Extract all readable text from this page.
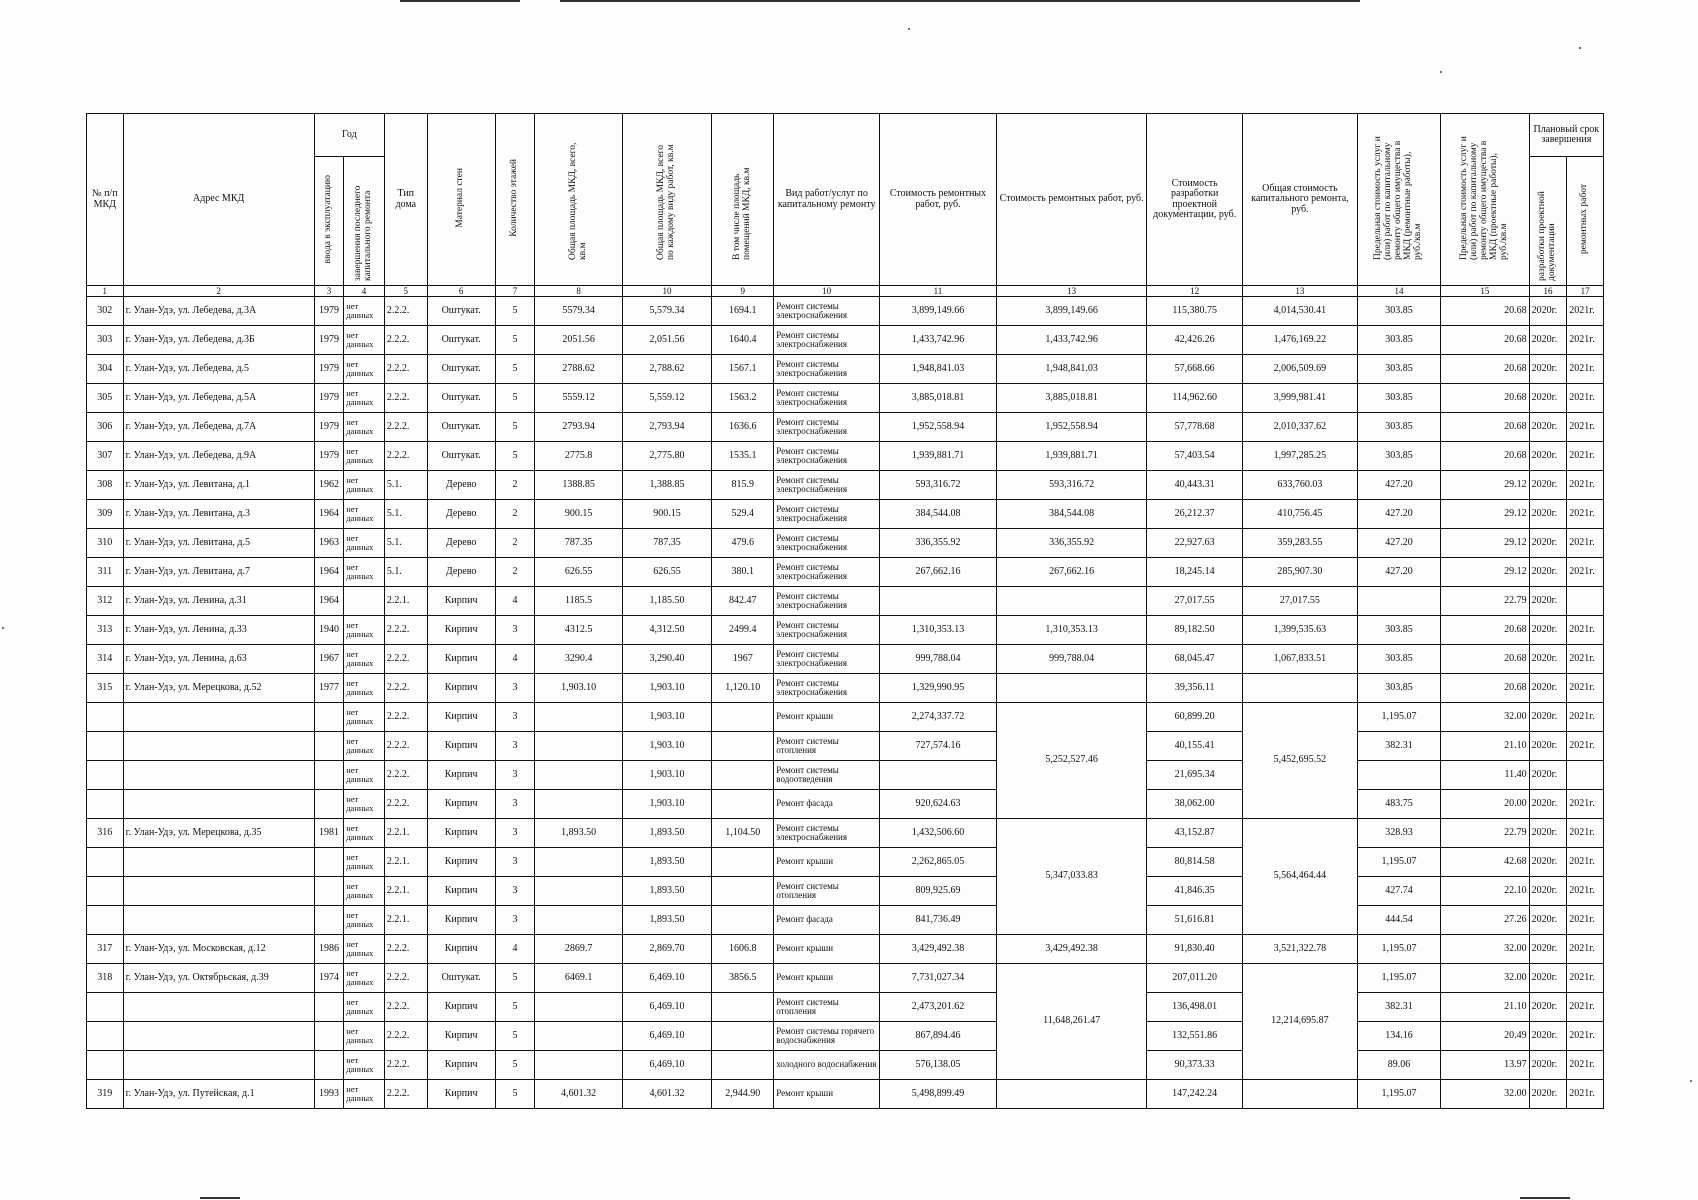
№ п/п МКД	Адрес МКД	Год		Тип дома	Материал стен	Количество этажей	Общая площадь МКД, всего, кв.м	Общая площадь МКД, всего по каждому виду работ, кв.м	В том числе площадь помещений МКД, кв.м	Вид работ/услуг по капитальному ремонту	Стоимость ремонтных работ, руб.	Стоимость ремонтных работ, руб.	Стоимость разработки проектной документации, руб.	Общая стоимость капитального ремонта, руб.	Предельная стоимость услуг и (или) работ по капитальному ремонту общего имущества в МКД (ремонтные работы), руб./кв.м	Предельная стоимость услуг и (или) работ по капитальному ремонту общего имущества в МКД (проектные работы), руб./кв.м	Плановый срок завершения	
		ввода в эксплуатацию	завершения последнего капитального ремонта														разработки проектной документации	ремонтных работ
1	2	3	4	5	6	7	8	10	9	10	11	13	12	13	14	15	16	17
302	г. Улан-Удэ, ул. Лебедева, д.3А	1979	нет данных	2.2.2.	Оштукат.	5	5579.34	5,579.34	1694.1	Ремонт системы электроснабжения	3,899,149.66	3,899,149.66	115,380.75	4,014,530.41	303.85	20.68	2020г.	2021г.
303	г. Улан-Удэ, ул. Лебедева, д.3Б	1979	нет данных	2.2.2.	Оштукат.	5	2051.56	2,051.56	1640.4	Ремонт системы электроснабжения	1,433,742.96	1,433,742.96	42,426.26	1,476,169.22	303.85	20.68	2020г.	2021г.
304	г. Улан-Удэ, ул. Лебедева, д.5	1979	нет данных	2.2.2.	Оштукат.	5	2788.62	2,788.62	1567.1	Ремонт системы электроснабжения	1,948,841.03	1,948,841.03	57,668.66	2,006,509.69	303.85	20.68	2020г.	2021г.
305	г. Улан-Удэ, ул. Лебедева, д.5А	1979	нет данных	2.2.2.	Оштукат.	5	5559.12	5,559.12	1563.2	Ремонт системы электроснабжения	3,885,018.81	3,885,018.81	114,962.60	3,999,981.41	303.85	20.68	2020г.	2021г.
306	г. Улан-Удэ, ул. Лебедева, д.7А	1979	нет данных	2.2.2.	Оштукат.	5	2793.94	2,793.94	1636.6	Ремонт системы электроснабжения	1,952,558.94	1,952,558.94	57,778.68	2,010,337.62	303.85	20.68	2020г.	2021г.
307	г. Улан-Удэ, ул. Лебедева, д.9А	1979	нет данных	2.2.2.	Оштукат.	5	2775.8	2,775.80	1535.1	Ремонт системы электроснабжения	1,939,881.71	1,939,881.71	57,403.54	1,997,285.25	303.85	20.68	2020г.	2021г.
308	г. Улан-Удэ, ул. Левитана, д.1	1962	нет данных	5.1.	Дерево	2	1388.85	1,388.85	815.9	Ремонт системы электроснабжения	593,316.72	593,316.72	40,443.31	633,760.03	427.20	29.12	2020г.	2021г.
309	г. Улан-Удэ, ул. Левитана, д.3	1964	нет данных	5.1.	Дерево	2	900.15	900.15	529.4	Ремонт системы электроснабжения	384,544.08	384,544.08	26,212.37	410,756.45	427.20	29.12	2020г.	2021г.
310	г. Улан-Удэ, ул. Левитана, д.5	1963	нет данных	5.1.	Дерево	2	787.35	787.35	479.6	Ремонт системы электроснабжения	336,355.92	336,355.92	22,927.63	359,283.55	427.20	29.12	2020г.	2021г.
311	г. Улан-Удэ, ул. Левитана, д.7	1964	нет данных	5.1.	Дерево	2	626.55	626.55	380.1	Ремонт системы электроснабжения	267,662.16	267,662.16	18,245.14	285,907.30	427.20	29.12	2020г.	2021г.
312	г. Улан-Удэ, ул. Ленина, д.31	1964		2.2.1.	Кирпич	4	1185.5	1,185.50	842.47	Ремонт системы электроснабжения			27,017.55	27,017.55		22.79	2020г.	
313	г. Улан-Удэ, ул. Ленина, д.33	1940	нет данных	2.2.2.	Кирпич	3	4312.5	4,312.50	2499.4	Ремонт системы электроснабжения	1,310,353.13	1,310,353.13	89,182.50	1,399,535.63	303.85	20.68	2020г.	2021г.
314	г. Улан-Удэ, ул. Ленина, д.63	1967	нет данных	2.2.2.	Кирпич	4	3290.4	3,290.40	1967	Ремонт системы электроснабжения	999,788.04	999,788.04	68,045.47	1,067,833.51	303.85	20.68	2020г.	2021г.
315	г. Улан-Удэ, ул. Мерецкова, д.52	1977	нет данных	2.2.2.	Кирпич	3	1,903.10	1,903.10	1,120.10	Ремонт системы электроснабжения	1,329,990.95		39,356.11		303.85	20.68	2020г.	2021г.
			нет данных	2.2.2.	Кирпич	3		1,903.10		Ремонт крыши	2,274,337.72	5,252,527.46	60,899.20	5,452,695.52	1,195.07	32.00	2020г.	2021г.
			нет данных	2.2.2.	Кирпич	3		1,903.10		Ремонт системы отопления	727,574.16		40,155.41		382.31	21.10	2020г.	2021г.
			нет данных	2.2.2.	Кирпич	3		1,903.10		Ремонт системы водоотведения			21,695.34			11.40	2020г.	
			нет данных	2.2.2.	Кирпич	3		1,903.10		Ремонт фасада	920,624.63		38,062.00		483.75	20.00	2020г.	2021г.
316	г. Улан-Удэ, ул. Мерецкова, д.35	1981	нет данных	2.2.1.	Кирпич	3	1,893.50	1,893.50	1,104.50	Ремонт системы электроснабжения	1,432,506.60	5,347,033.83	43,152.87	5,564,464.44	328.93	22.79	2020г.	2021г.
			нет данных	2.2.1.	Кирпич	3		1,893.50		Ремонт крыши	2,262,865.05		80,814.58		1,195.07	42.68	2020г.	2021г.
			нет данных	2.2.1.	Кирпич	3		1,893.50		Ремонт системы отопления	809,925.69		41,846.35		427.74	22.10	2020г.	2021г.
			нет данных	2.2.1.	Кирпич	3		1,893.50		Ремонт фасада	841,736.49		51,616.81		444.54	27.26	2020г.	2021г.
317	г. Улан-Удэ, ул. Московская, д.12	1986	нет данных	2.2.2.	Кирпич	4	2869.7	2,869.70	1606.8	Ремонт крыши	3,429,492.38	3,429,492.38	91,830.40	3,521,322.78	1,195.07	32.00	2020г.	2021г.
318	г. Улан-Удэ, ул. Октябрьская, д.39	1974	нет данных	2.2.2.	Оштукат.	5	6469.1	6,469.10	3856.5	Ремонт крыши	7,731,027.34	11,648,261.47	207,011.20	12,214,695.87	1,195.07	32.00	2020г.	2021г.
			нет данных	2.2.2.	Кирпич	5		6,469.10		Ремонт системы отопления	2,473,201.62		136,498.01		382.31	21.10	2020г.	2021г.
			нет данных	2.2.2.	Кирпич	5		6,469.10		Ремонт системы горячего водоснабжения	867,894.46		132,551.86		134.16	20.49	2020г.	2021г.
			нет данных	2.2.2.	Кирпич	5		6,469.10		холодного водоснабжения	576,138.05		90,373.33		89.06	13.97	2020г.	2021г.
319	г. Улан-Удэ, ул. Путейская, д.1	1993	нет данных	2.2.2.	Кирпич	5	4,601.32	4,601.32	2,944.90	Ремонт крыши	5,498,899.49		147,242.24		1,195.07	32.00	2020г.	2021г.
